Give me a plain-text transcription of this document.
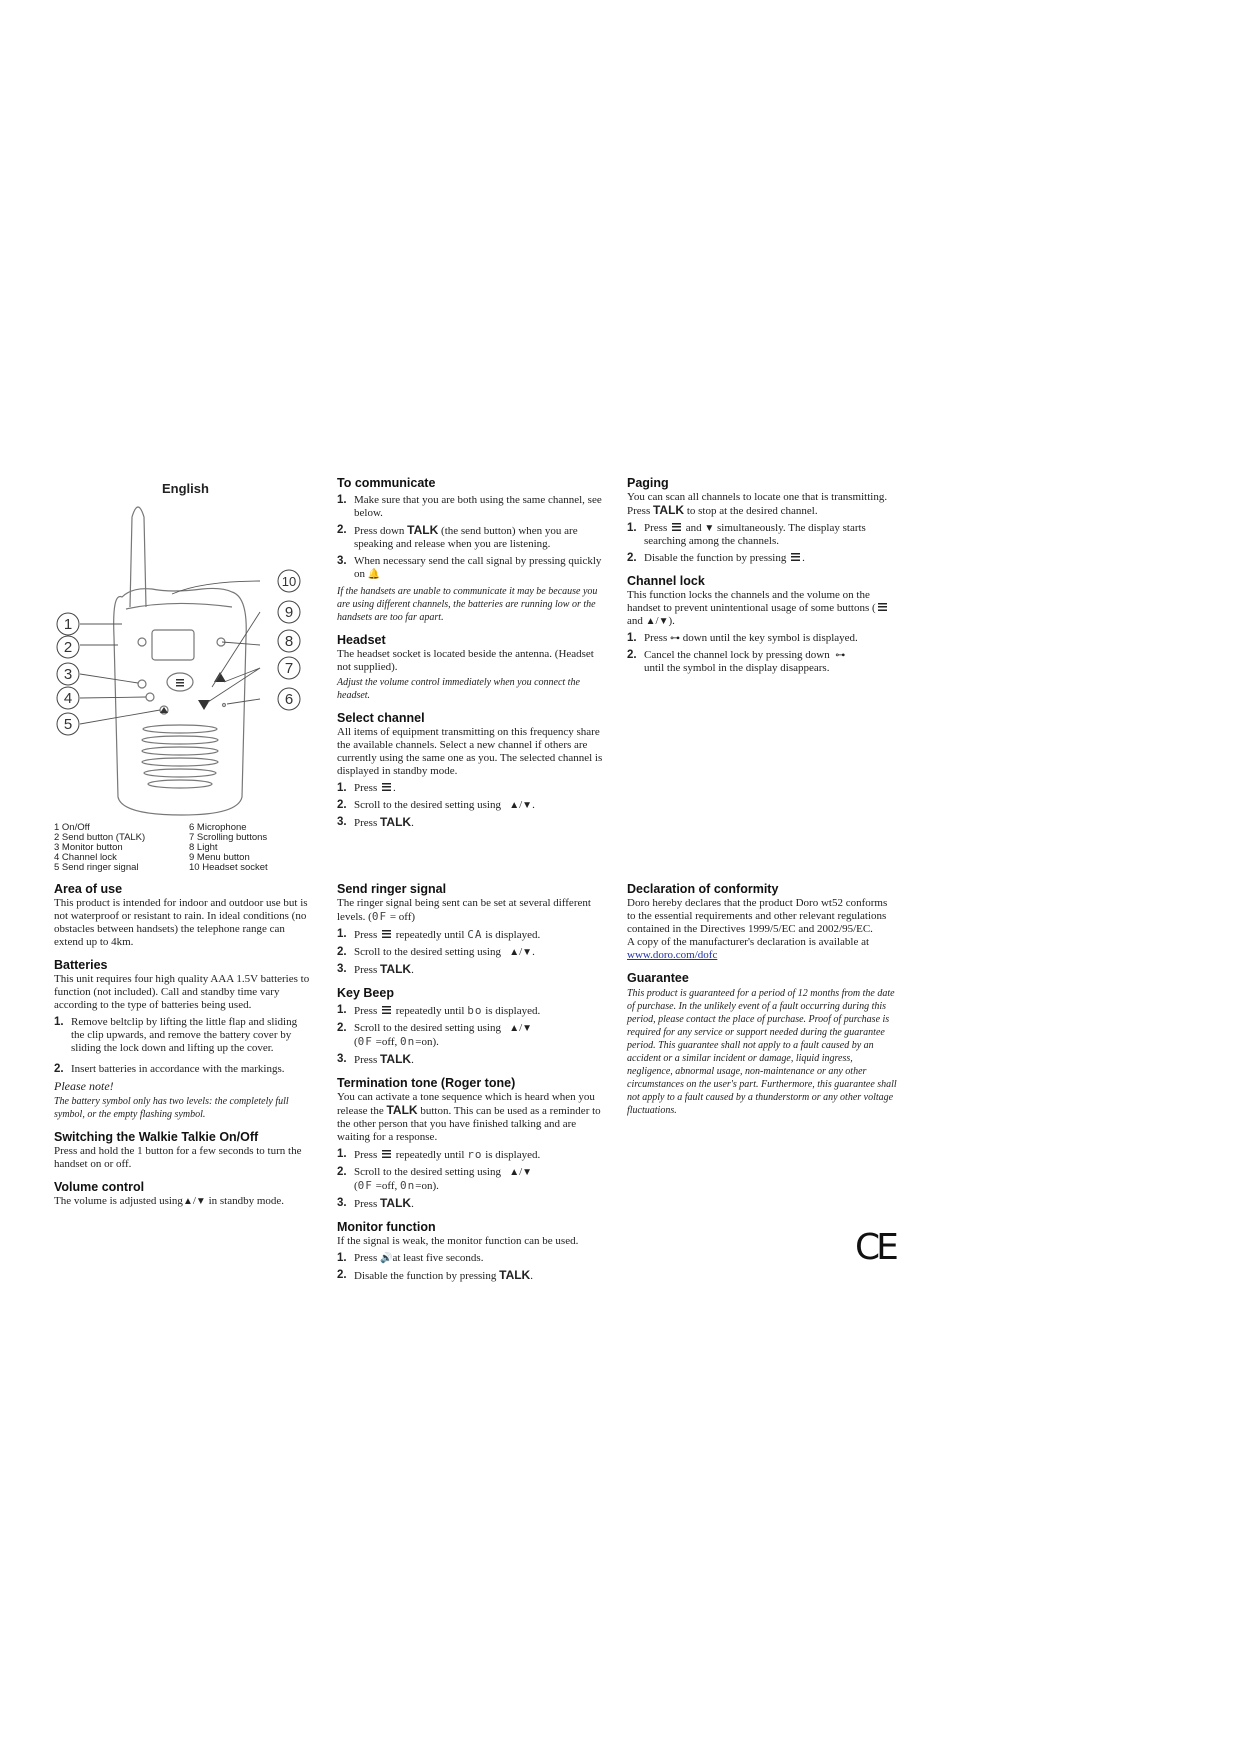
English
1
2
3
4
5
6
7
8
9
10
1 On/Off
2 Send button (TALK)
3 Monitor button
4 Channel lock
5 Send ringer signal
6 Microphone
7 Scrolling buttons
8 Light
9 Menu button
10 Headset socket
Area of use

This product is intended for indoor and outdoor use but is not waterproof or resistant to rain. In ideal conditions (no obstacles between handsets) the telephone range can extend up to 4km.

Batteries

This unit requires four high quality AAA 1.5V batteries to function (not included). Call and standby time vary according to the type of batteries being used.

1. Remove beltclip by lifting the little flap and sliding the clip upwards, and remove the battery cover by sliding the lock down and lifting up the cover.
2. Insert batteries in accordance with the markings.

Please note!

The battery symbol only has two levels: the completely full symbol, or the empty flashing symbol.

Switching the Walkie Talkie On/Off

Press and hold the 1 button for a few seconds to turn the handset on or off.

Volume control

The volume is adjusted using▲/▼ in standby mode.

To communicate
1. Make sure that you are both using the same channel, see below.
2. Press down TALK (the send button) when you are speaking and release when you are listening.
3. When necessary send the call signal by pressing quickly on 🔔

If the handsets are unable to communicate it may be because you are using different channels, the batteries are running low or the handsets are too far apart.

Headset

The headset socket is located beside the antenna. (Headset not supplied).

Adjust the volume control immediately when you connect the headset.

Select channel

All items of equipment transmitting on this frequency share the available channels. Select a new channel if others are currently using the same one as you. The selected channel is displayed in standby mode.

1. Press .
2. Scroll to the desired setting using ▲/▼.
3. Press TALK.
Send ringer signal

The ringer signal being sent can be set at several different levels. (0F = off)

1. Press  repeatedly until CA is displayed.
2. Scroll to the desired setting using ▲/▼.
3. Press TALK.
Key Beep
1. Press  repeatedly until bo is displayed.
2. Scroll to the desired setting using ▲/▼
(0F =off, 0n=on).
3. Press TALK.
Termination tone (Roger tone)

You can activate a tone sequence which is heard when you release the TALK button. This can be used as a reminder to the other person that you have finished talking and are waiting for a response.

1. Press  repeatedly until ro is displayed.
2. Scroll to the desired setting using ▲/▼
(0F =off, 0n=on).
3. Press TALK.
Monitor function

If the signal is weak, the monitor function can be used.

1. Press 🔊at least five seconds.
2. Disable the function by pressing TALK.
Paging

You can scan all channels to locate one that is transmitting. Press TALK to stop at the desired channel.

1. Press  and ▼ simultaneously. The display starts searching among the channels.
2. Disable the function by pressing .
Channel lock

This function locks the channels and the volume on the handset to prevent unintentional usage of some buttons ( and ▲/▼).

1. Press ⊶ down until the key symbol is displayed.
2. Cancel the channel lock by pressing down ⊶
until the symbol in the display disappears.
Declaration of conformity

Doro hereby declares that the product Doro wt52 conforms to the essential requirements and other relevant regulations contained in the Directives 1999/5/EC and 2002/95/EC.

A copy of the manufacturer's declaration is available at

www.doro.com/dofc

Guarantee

This product is guaranteed for a period of 12 months from the date of purchase. In the unlikely event of a fault occurring during this period, please contact the place of purchase. Proof of purchase is required for any service or support needed during the guarantee period. This guarantee shall not apply to a fault caused by an accident or a similar incident or damage, liquid ingress, negligence, abnormal usage, non-maintenance or any other circumstances on the user's part. Furthermore, this guarantee shall not apply to a fault caused by a thunderstorm or any other voltage fluctuations.

CE
